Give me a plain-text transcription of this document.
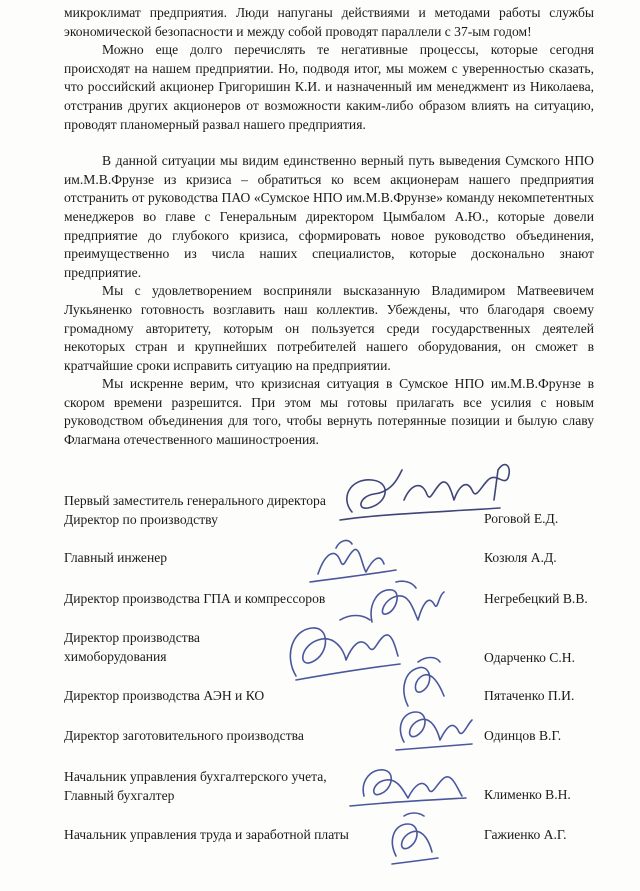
микроклимат предприятия. Люди напуганы действиями и методами работы службы экономической безопасности и между собой проводят параллели с 37-ым годом!

Можно еще долго перечислять те негативные процессы, которые сегодня происходят на нашем предприятии. Но, подводя итог, мы можем с уверенностью сказать, что российский акционер Григоришин К.И. и назначенный им менеджмент из Николаева, отстранив других акционеров от возможности каким-либо образом влиять на ситуацию, проводят планомерный развал нашего предприятия.

В данной ситуации мы видим единственно верный путь выведения Сумского НПО им.М.В.Фрунзе из кризиса – обратиться ко всем акционерам нашего предприятия отстранить от руководства ПАО «Сумское НПО им.М.В.Фрунзе» команду некомпетентных менеджеров во главе с Генеральным директором Цымбалом А.Ю., которые довели предприятие до глубокого кризиса, сформировать новое руководство объединения, преимущественно из числа наших специалистов, которые досконально знают предприятие.

Мы с удовлетворением восприняли высказанную Владимиром Матвеевичем Лукьяненко готовность возглавить наш коллектив. Убеждены, что благодаря своему громадному авторитету, которым он пользуется среди государственных деятелей некоторых стран и крупнейших потребителей нашего оборудования, он сможет в кратчайшие сроки исправить ситуацию на предприятии.

Мы искренне верим, что кризисная ситуация в Сумское НПО им.М.В.Фрунзе в скором времени разрешится. При этом мы готовы прилагать все усилия с новым руководством объединения для того, чтобы вернуть потерянные позиции и былую славу Флагмана отечественного машиностроения.

Первый заместитель генерального директора
Директор по производству	Роговой Е.Д.
Главный инженер	Козюля А.Д.
Директор производства ГПА и компрессоров	Негребецкий В.В.
Директор производства
химоборудования	Одарченко С.Н.
Директор производства АЭН и КО	Пятаченко П.И.
Директор заготовительного производства	Одинцов В.Г.
Начальник управления бухгалтерского учета,
Главный бухгалтер	Клименко В.Н.
Начальник управления труда и заработной платы	Гажиенко А.Г.
